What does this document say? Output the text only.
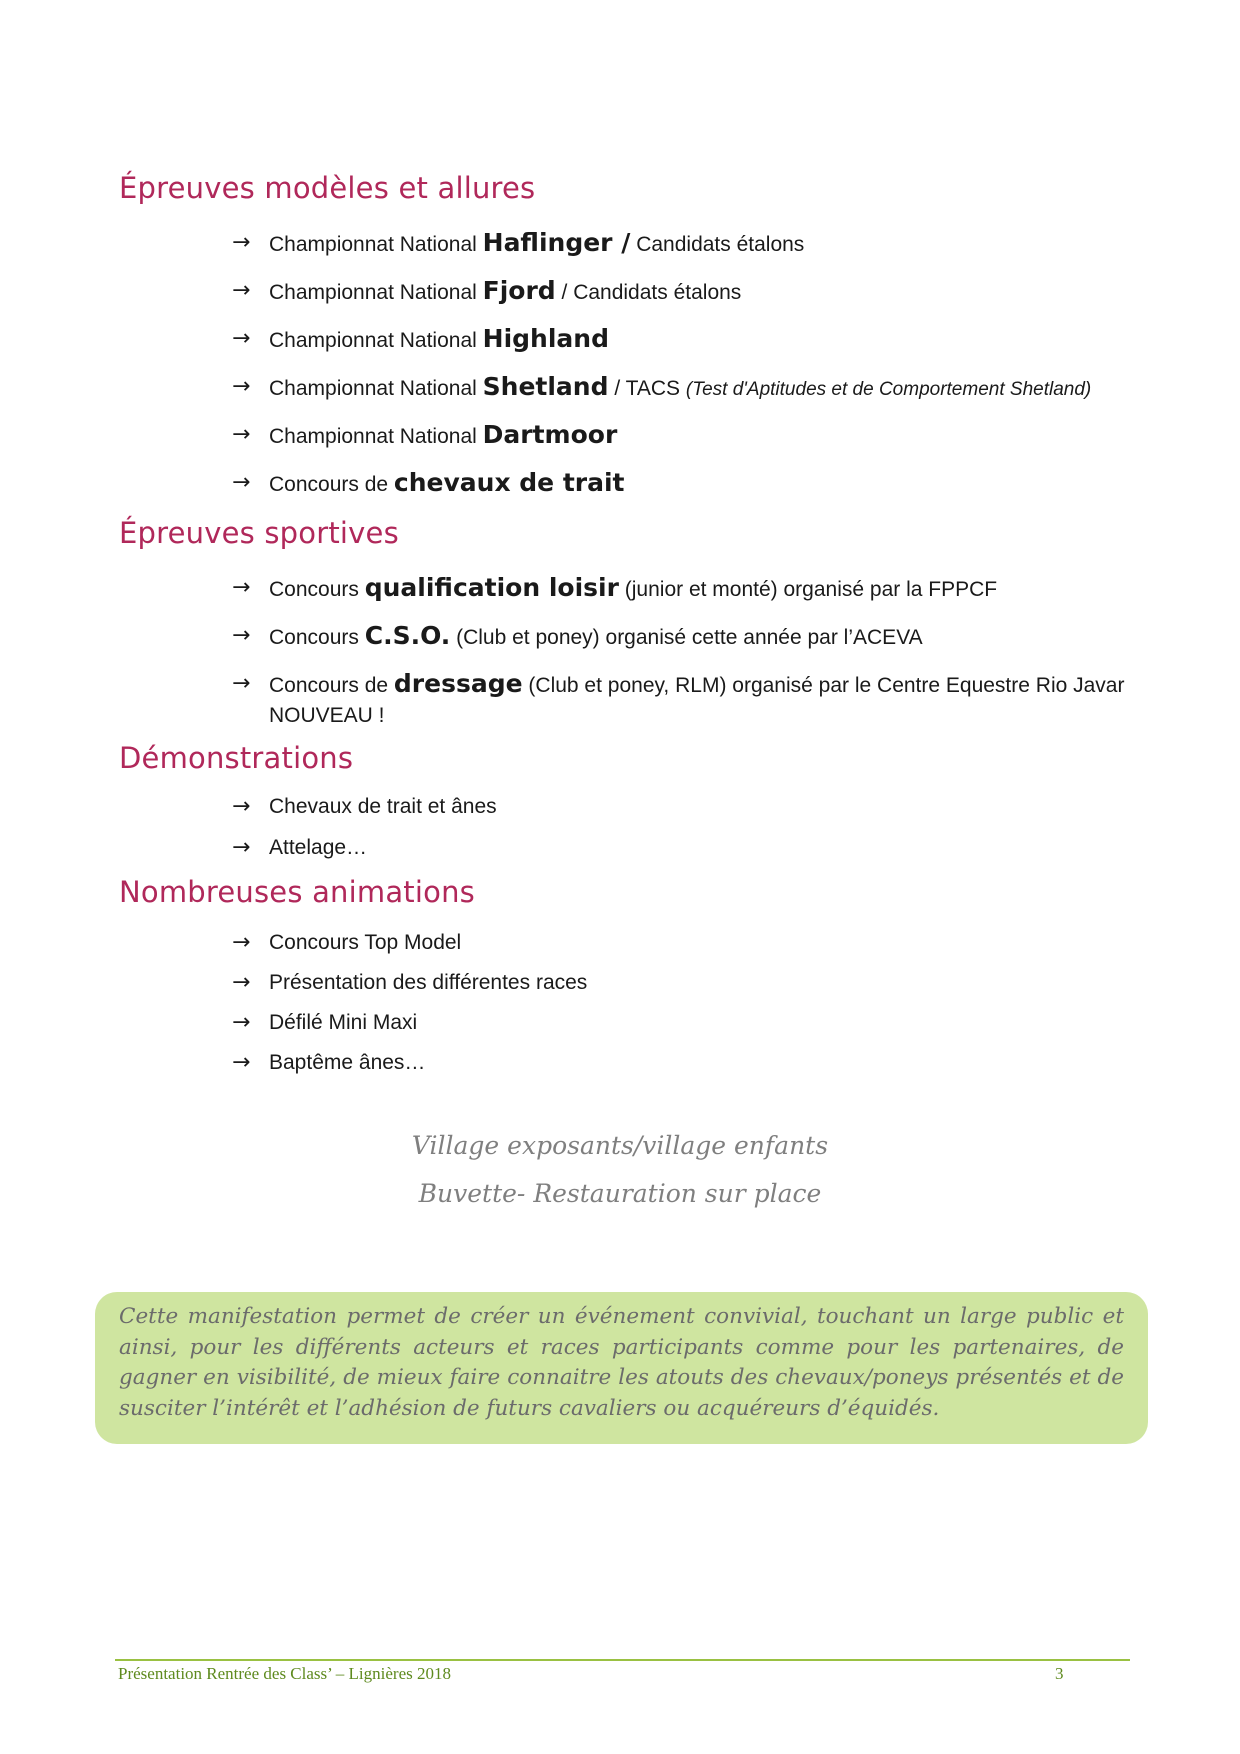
Épreuves modèles et allures
→ Championnat National Haflinger / Candidats étalons
→ Championnat National Fjord / Candidats étalons
→ Championnat National Highland
→ Championnat National Shetland / TACS (Test d'Aptitudes et de Comportement Shetland)
→ Championnat National Dartmoor
→ Concours de chevaux de trait
Épreuves sportives
→ Concours qualification loisir (junior et monté) organisé par la FPPCF
→ Concours C.S.O. (Club et poney) organisé cette année par l’ACEVA
→ Concours de dressage (Club et poney, RLM) organisé par le Centre Equestre Rio Javar NOUVEAU !
Démonstrations
→ Chevaux de trait et ânes
→ Attelage…
Nombreuses animations
→ Concours Top Model
→ Présentation des différentes races
→ Défilé Mini Maxi
→ Baptême ânes…
Village exposants/village enfants
Buvette- Restauration sur place

Cette manifestation permet de créer un événement convivial, touchant un large public et ainsi, pour les différents acteurs et races participants comme pour les partenaires, de gagner en visibilité, de mieux faire connaitre les atouts des chevaux/poneys présentés et de susciter l’intérêt et l’adhésion de futurs cavaliers ou acquéreurs d’équidés.

Présentation Rentrée des Class’ – Lignières 2018	3
